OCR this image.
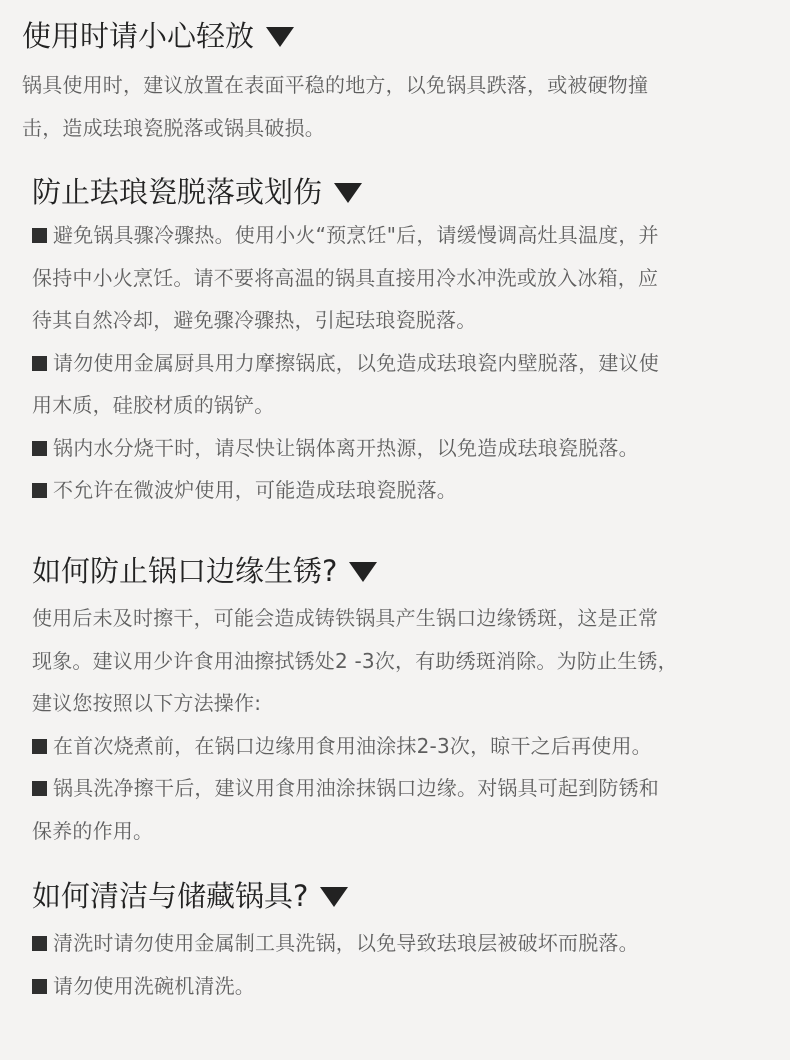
使用时请小心轻放

锅具使用时，建议放置在表面平稳的地方，以免锅具跌落，或被硬物撞

击，造成珐琅瓷脱落或锅具破损。

防止珐琅瓷脱落或划伤

避免锅具骤冷骤热。使用小火“预烹饪"后，请缓慢调高灶具温度，并

保持中小火烹饪。请不要将高温的锅具直接用冷水冲洗或放入冰箱，应

待其自然冷却，避免骤冷骤热，引起珐琅瓷脱落。

请勿使用金属厨具用力摩擦锅底，以免造成珐琅瓷内壁脱落，建议使

用木质，硅胶材质的锅铲。

锅内水分烧干时，请尽快让锅体离开热源，以免造成珐琅瓷脱落。

不允许在微波炉使用，可能造成珐琅瓷脱落。

如何防止锅口边缘生锈?

使用后未及时擦干，可能会造成铸铁锅具产生锅口边缘锈斑，这是正常

现象。建议用少许食用油擦拭锈处2 -3次，有助绣斑消除。为防止生锈，

建议您按照以下方法操作:

在首次烧煮前，在锅口边缘用食用油涂抹2-3次，晾干之后再使用。

锅具洗净擦干后，建议用食用油涂抹锅口边缘。对锅具可起到防锈和

保养的作用。

如何清洁与储藏锅具?

清洗时请勿使用金属制工具洗锅，以免导致珐琅层被破坏而脱落。

请勿使用洗碗机清洗。
